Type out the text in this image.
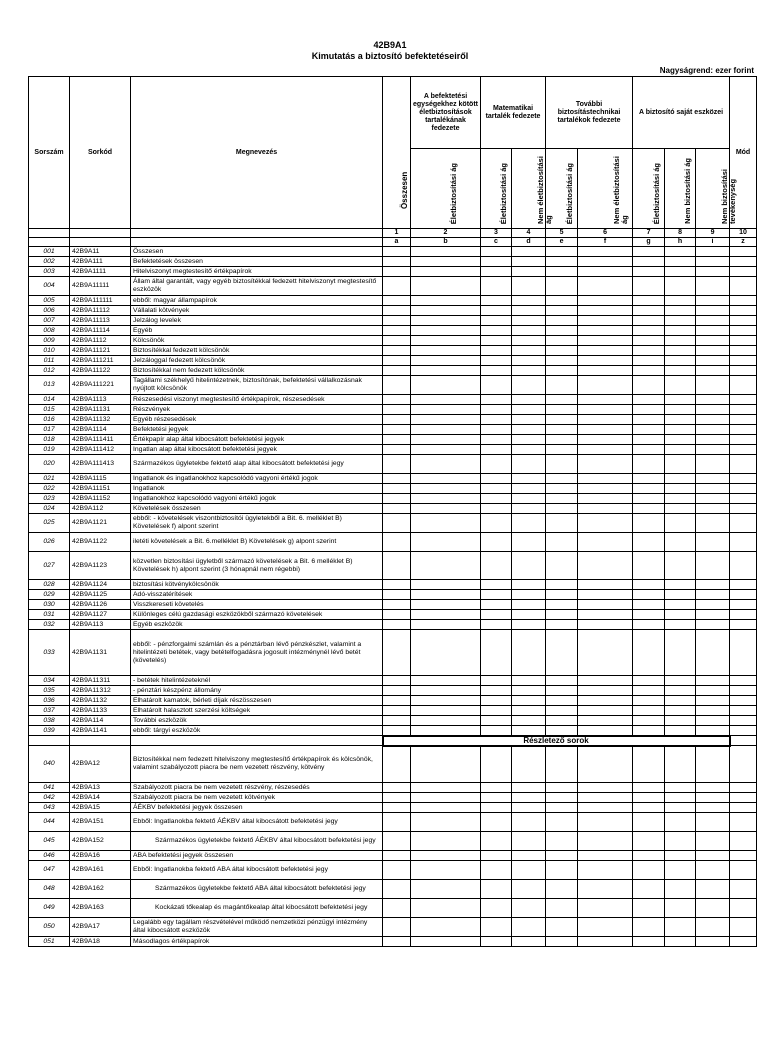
42B9A1
Kimutatás a biztosító befektetéseiről
Nagyságrend: ezer forint
Sorszám	Sorkód	Megnevezés	Összesen	A befektetési egységekhez kötött életbiztosítások tartalékának fedezete	Matematikai tartalék fedezete		További biztosítástechnikai tartalékok fedezete		A biztosító saját eszközei			Mód

				Életbiztosítási ág	Életbiztosítási ág	Nem életbiztosítási ág	Életbiztosítási ág	Nem életbiztosítási ág	Életbiztosítási ág	Nem biztosítási ág	Nem biztosítási tevékenység	

			1	2	3	4	5	6	7	8	9	10
			a	b	c	d	e	f	g	h	i	z
001	42B9A11	Összesen										
002	42B9A111	Befektetések összesen										
003	42B9A1111	Hitelviszonyt megtestesítő értékpapírok										
004	42B9A11111	Állam által garantált, vagy egyéb biztosítékkal fedezett hitelviszonyt megtestesítő eszközök										
005	42B9A111111	ebből: magyar állampapírok										
006	42B9A11112	Vállalati kötvények										
007	42B9A11113	Jelzálog levelek										
008	42B9A11114	Egyéb										
009	42B9A1112	Kölcsönök										
010	42B9A11121	Biztosítékkal fedezett kölcsönök										
011	42B9A111211	Jelzáloggal fedezett kölcsönök										
012	42B9A11122	Biztosítékkal nem fedezett kölcsönök										
013	42B9A111221	Tagállami székhelyű hitelintézetnek, biztosítónak, befektetési vállalkozásnak nyújtott kölcsönök										
014	42B9A1113	Részesedési viszonyt megtestesítő értékpapírok, részesedések										
015	42B9A11131	Részvények										
016	42B9A11132	Egyéb részesedések										
017	42B9A1114	Befektetési jegyek										
018	42B9A111411	Értékpapír alap által kibocsátott befektetési jegyek										
019	42B9A111412	Ingatlan alap által kibocsátott befektetési jegyek										
020	42B9A111413	Származékos ügyletekbe fektető alap által kibocsátott befektetési jegy										
021	42B9A1115	Ingatlanok és ingatlanokhoz kapcsolódó vagyoni értékű jogok										
022	42B9A11151	Ingatlanok										
023	42B9A11152	Ingatlanokhoz kapcsolódó vagyoni értékű jogok										
024	42B9A112	Követelések összesen										
025	42B9A1121	ebből: - követelések viszontbiztosítói ügyletekből a Bit. 6. melléklet B) Követelések f) alpont szerint										
026	42B9A1122	iletéti követelések a Bit. 6.melléklet B) Követelések g) alpont szerint										
027	42B9A1123	közvetlen biztosítási ügyletből származó követelések a Bit. 6 melléklet B) Követelések h) alpont szerint (3 hónapnál nem régebbi)										
028	42B9A1124	biztosítási kötvénykölcsönök										
029	42B9A1125	Adó-visszatérítések										
030	42B9A1126	Visszkereseti követelés										
031	42B9A1127	Különleges célú gazdasági eszközökből származó követelések										
032	42B9A113	Egyéb eszközök										
033	42B9A1131	ebből: - pénzforgalmi számlán és a pénztárban lévő pénzkészlet, valamint a hitelintézeti betétek, vagy betételfogadásra jogosult intézménynél lévő betét (követelés)										
034	42B9A11311	- betétek hitelintézeteknél										
035	42B9A11312	- pénztári készpénz állomány										
036	42B9A1132	Elhatárolt kamatok, bérleti díjak részösszesen										
037	42B9A1133	Elhatárolt halasztott szerzési költségek										
038	42B9A114	További eszközök										
039	42B9A1141	ebből: tárgyi eszközök										
			Részletező sorok									
040	42B9A12	Biztosítékkal nem fedezett hitelviszony megtestesítő értékpapírok és kölcsönök, valamint szabályozott piacra be nem vezetett részvény, kötvény										
041	42B9A13	Szabályozott piacra be nem vezetett részvény, részesedés										
042	42B9A14	Szabályozott piacra be nem vezetett kötvények										
043	42B9A15	ÁÉKBV befektetési jegyek összesen										
044	42B9A151	Ebből: Ingatlanokba fektető ÁÉKBV által kibocsátott befektetési jegy										
045	42B9A152	Származékos ügyletekbe fektető ÁÉKBV által kibocsátott befektetési jegy										
046	42B9A16	ABA befektetési jegyek összesen										
047	42B9A161	Ebből: Ingatlanokba fektető ABA által kibocsátott befektetési jegy										
048	42B9A162	Származékos ügyletekbe fektető ABA által kibocsátott befektetési jegy										
049	42B9A163	Kockázati tőkealap és magántőkealap által kibocsátott befektetési jegy										
050	42B9A17	Legalább egy tagállam részvételével működő nemzetközi pénzügyi intézmény által kibocsátott eszközök										
051	42B9A18	Másodlagos értékpapírok										
